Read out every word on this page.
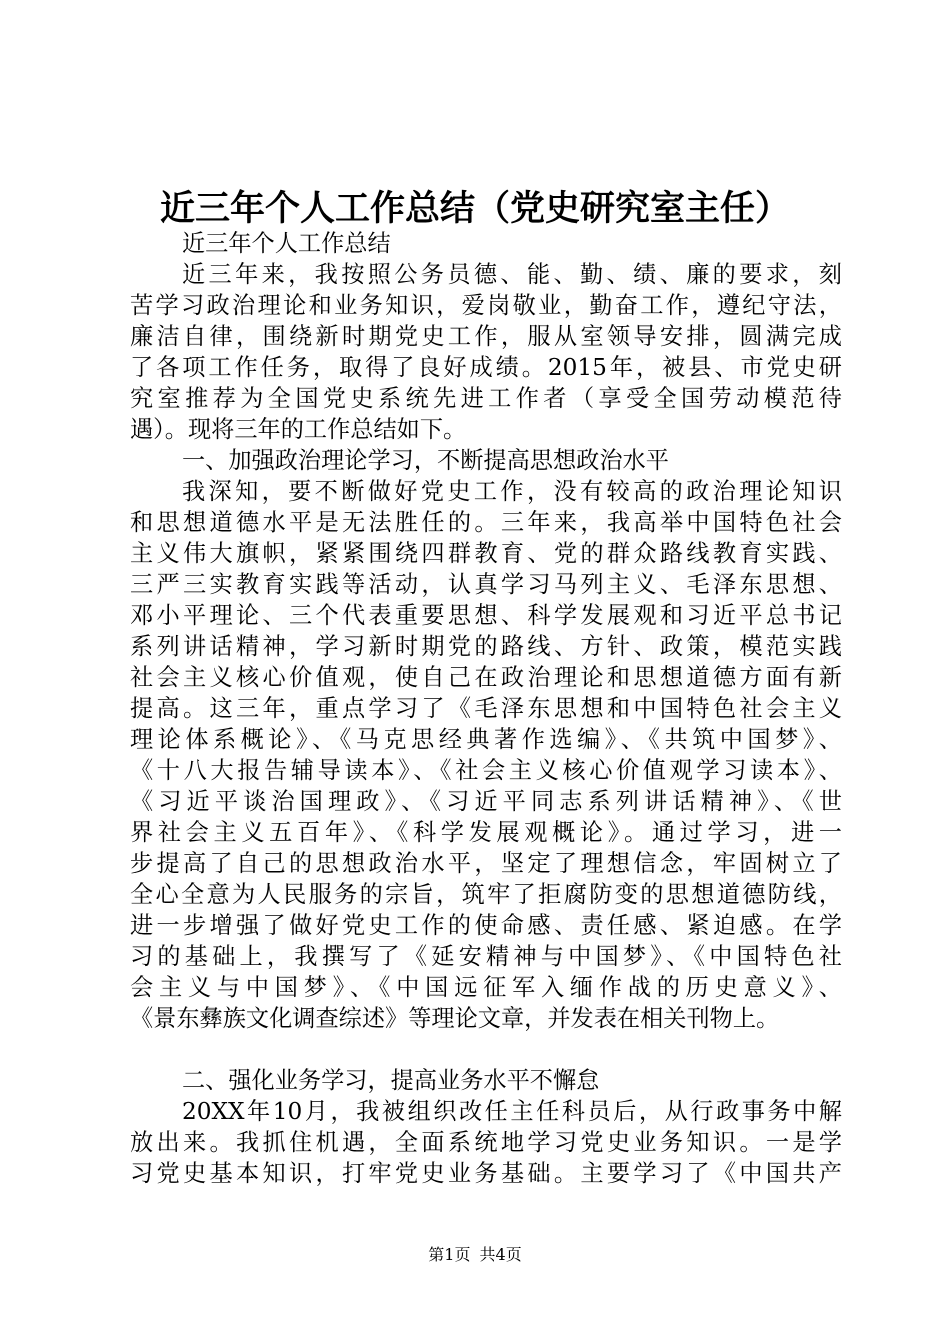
近三年个人工作总结（党史研究室主任）
近三年个人工作总结
近三年来，我按照公务员德、能、勤、绩、廉的要求，刻
苦学习政治理论和业务知识，爱岗敬业，勤奋工作，遵纪守法，
廉洁自律，围绕新时期党史工作，服从室领导安排，圆满完成
了各项工作任务，取得了良好成绩。2015年，被县、市党史研
究室推荐为全国党史系统先进工作者（享受全国劳动模范待
遇）。现将三年的工作总结如下。
一、加强政治理论学习，不断提高思想政治水平
我深知，要不断做好党史工作，没有较高的政治理论知识
和思想道德水平是无法胜任的。三年来，我高举中国特色社会
主义伟大旗帜，紧紧围绕四群教育、党的群众路线教育实践、
三严三实教育实践等活动，认真学习马列主义、毛泽东思想、
邓小平理论、三个代表重要思想、科学发展观和习近平总书记
系列讲话精神，学习新时期党的路线、方针、政策，模范实践
社会主义核心价值观，使自己在政治理论和思想道德方面有新
提高。这三年，重点学习了《毛泽东思想和中国特色社会主义
理论体系概论》、《马克思经典著作选编》、《共筑中国梦》、
《十八大报告辅导读本》、《社会主义核心价值观学习读本》、
《习近平谈治国理政》、《习近平同志系列讲话精神》、《世
界社会主义五百年》、《科学发展观概论》。通过学习，进一
步提高了自己的思想政治水平，坚定了理想信念，牢固树立了
全心全意为人民服务的宗旨，筑牢了拒腐防变的思想道德防线，
进一步增强了做好党史工作的使命感、责任感、紧迫感。在学
习的基础上，我撰写了《延安精神与中国梦》、《中国特色社
会主义与中国梦》、《中国远征军入缅作战的历史意义》、
《景东彝族文化调查综述》等理论文章，并发表在相关刊物上。
二、强化业务学习，提高业务水平不懈怠
20XX年10月，我被组织改任主任科员后，从行政事务中解
放出来。我抓住机遇，全面系统地学习党史业务知识。一是学
习党史基本知识，打牢党史业务基础。主要学习了《中国共产
第1页 共4页
